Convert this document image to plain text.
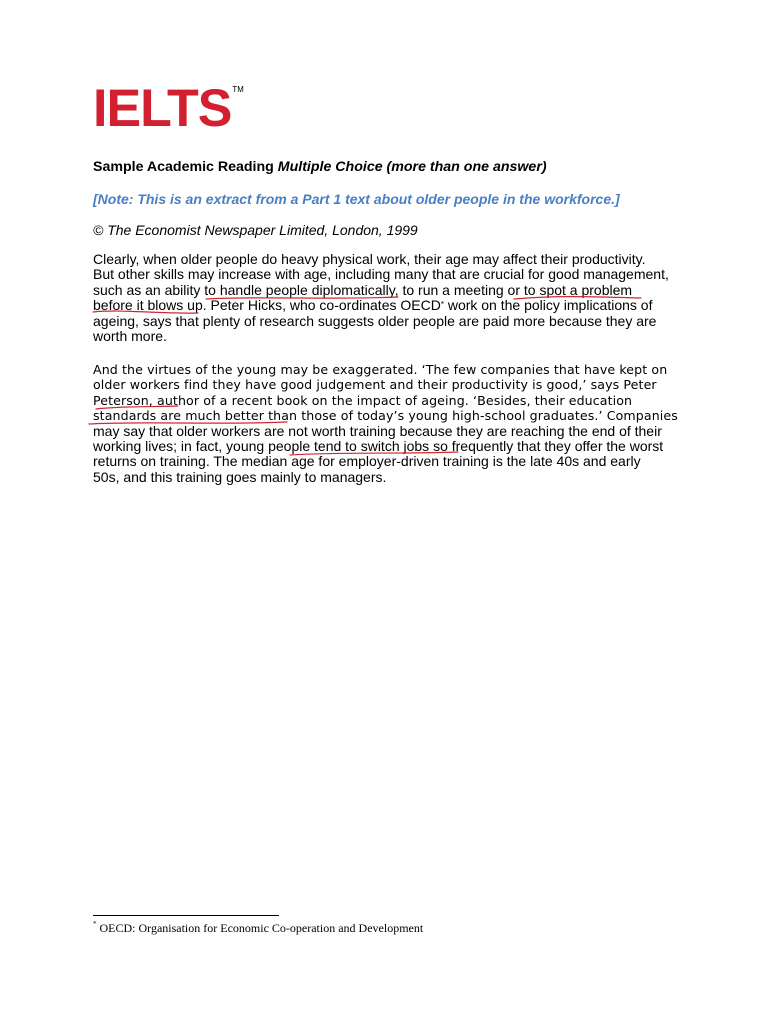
IELTS™
Sample Academic Reading Multiple Choice (more than one answer)
[Note: This is an extract from a Part 1 text about older people in the workforce.]
© The Economist Newspaper Limited, London, 1999
Clearly, when older people do heavy physical work, their age may affect their productivity.
But other skills may increase with age, including many that are crucial for good management,
such as an ability to handle people diplomatically, to run a meeting or to spot a problem
before it blows up. Peter Hicks, who co-ordinates OECD* work on the policy implications of
ageing, says that plenty of research suggests older people are paid more because they are
worth more.
And the virtues of the young may be exaggerated. ‘The few companies that have kept on
older workers find they have good judgement and their productivity is good,’ says Peter
Peterson, author of a recent book on the impact of ageing. ‘Besides, their education
standards are much better than those of today’s young high-school graduates.’ Companies
may say that older workers are not worth training because they are reaching the end of their
working lives; in fact, young people tend to switch jobs so frequently that they offer the worst
returns on training. The median age for employer-driven training is the late 40s and early
50s, and this training goes mainly to managers.
* OECD: Organisation for Economic Co-operation and Development
